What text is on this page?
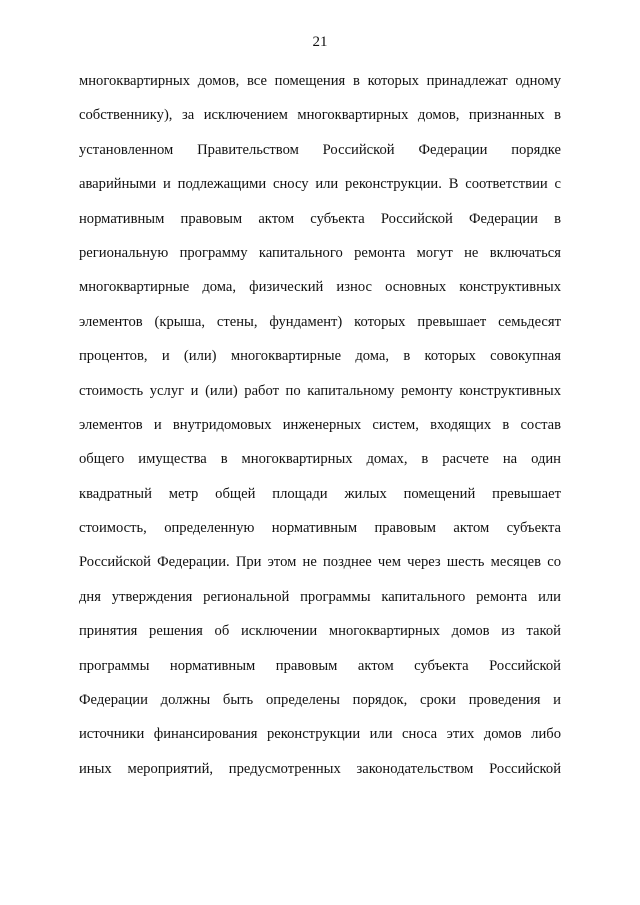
21
многоквартирных домов, все помещения в которых принадлежат одному
собственнику), за исключением многоквартирных домов, признанных в
установленном Правительством Российской Федерации порядке
аварийными и подлежащими сносу или реконструкции. В соответствии с
нормативным правовым актом субъекта Российской Федерации в
региональную программу капитального ремонта могут не включаться
многоквартирные дома, физический износ основных конструктивных
элементов (крыша, стены, фундамент) которых превышает семьдесят
процентов, и (или) многоквартирные дома, в которых совокупная
стоимость услуг и (или) работ по капитальному ремонту конструктивных
элементов и внутридомовых инженерных систем, входящих в состав
общего имущества в многоквартирных домах, в расчете на один
квадратный метр общей площади жилых помещений превышает
стоимость, определенную нормативным правовым актом субъекта
Российской Федерации. При этом не позднее чем через шесть месяцев со
дня утверждения региональной программы капитального ремонта или
принятия решения об исключении многоквартирных домов из такой
программы нормативным правовым актом субъекта Российской
Федерации должны быть определены порядок, сроки проведения и
источники финансирования реконструкции или сноса этих домов либо
иных мероприятий, предусмотренных законодательством Российской
